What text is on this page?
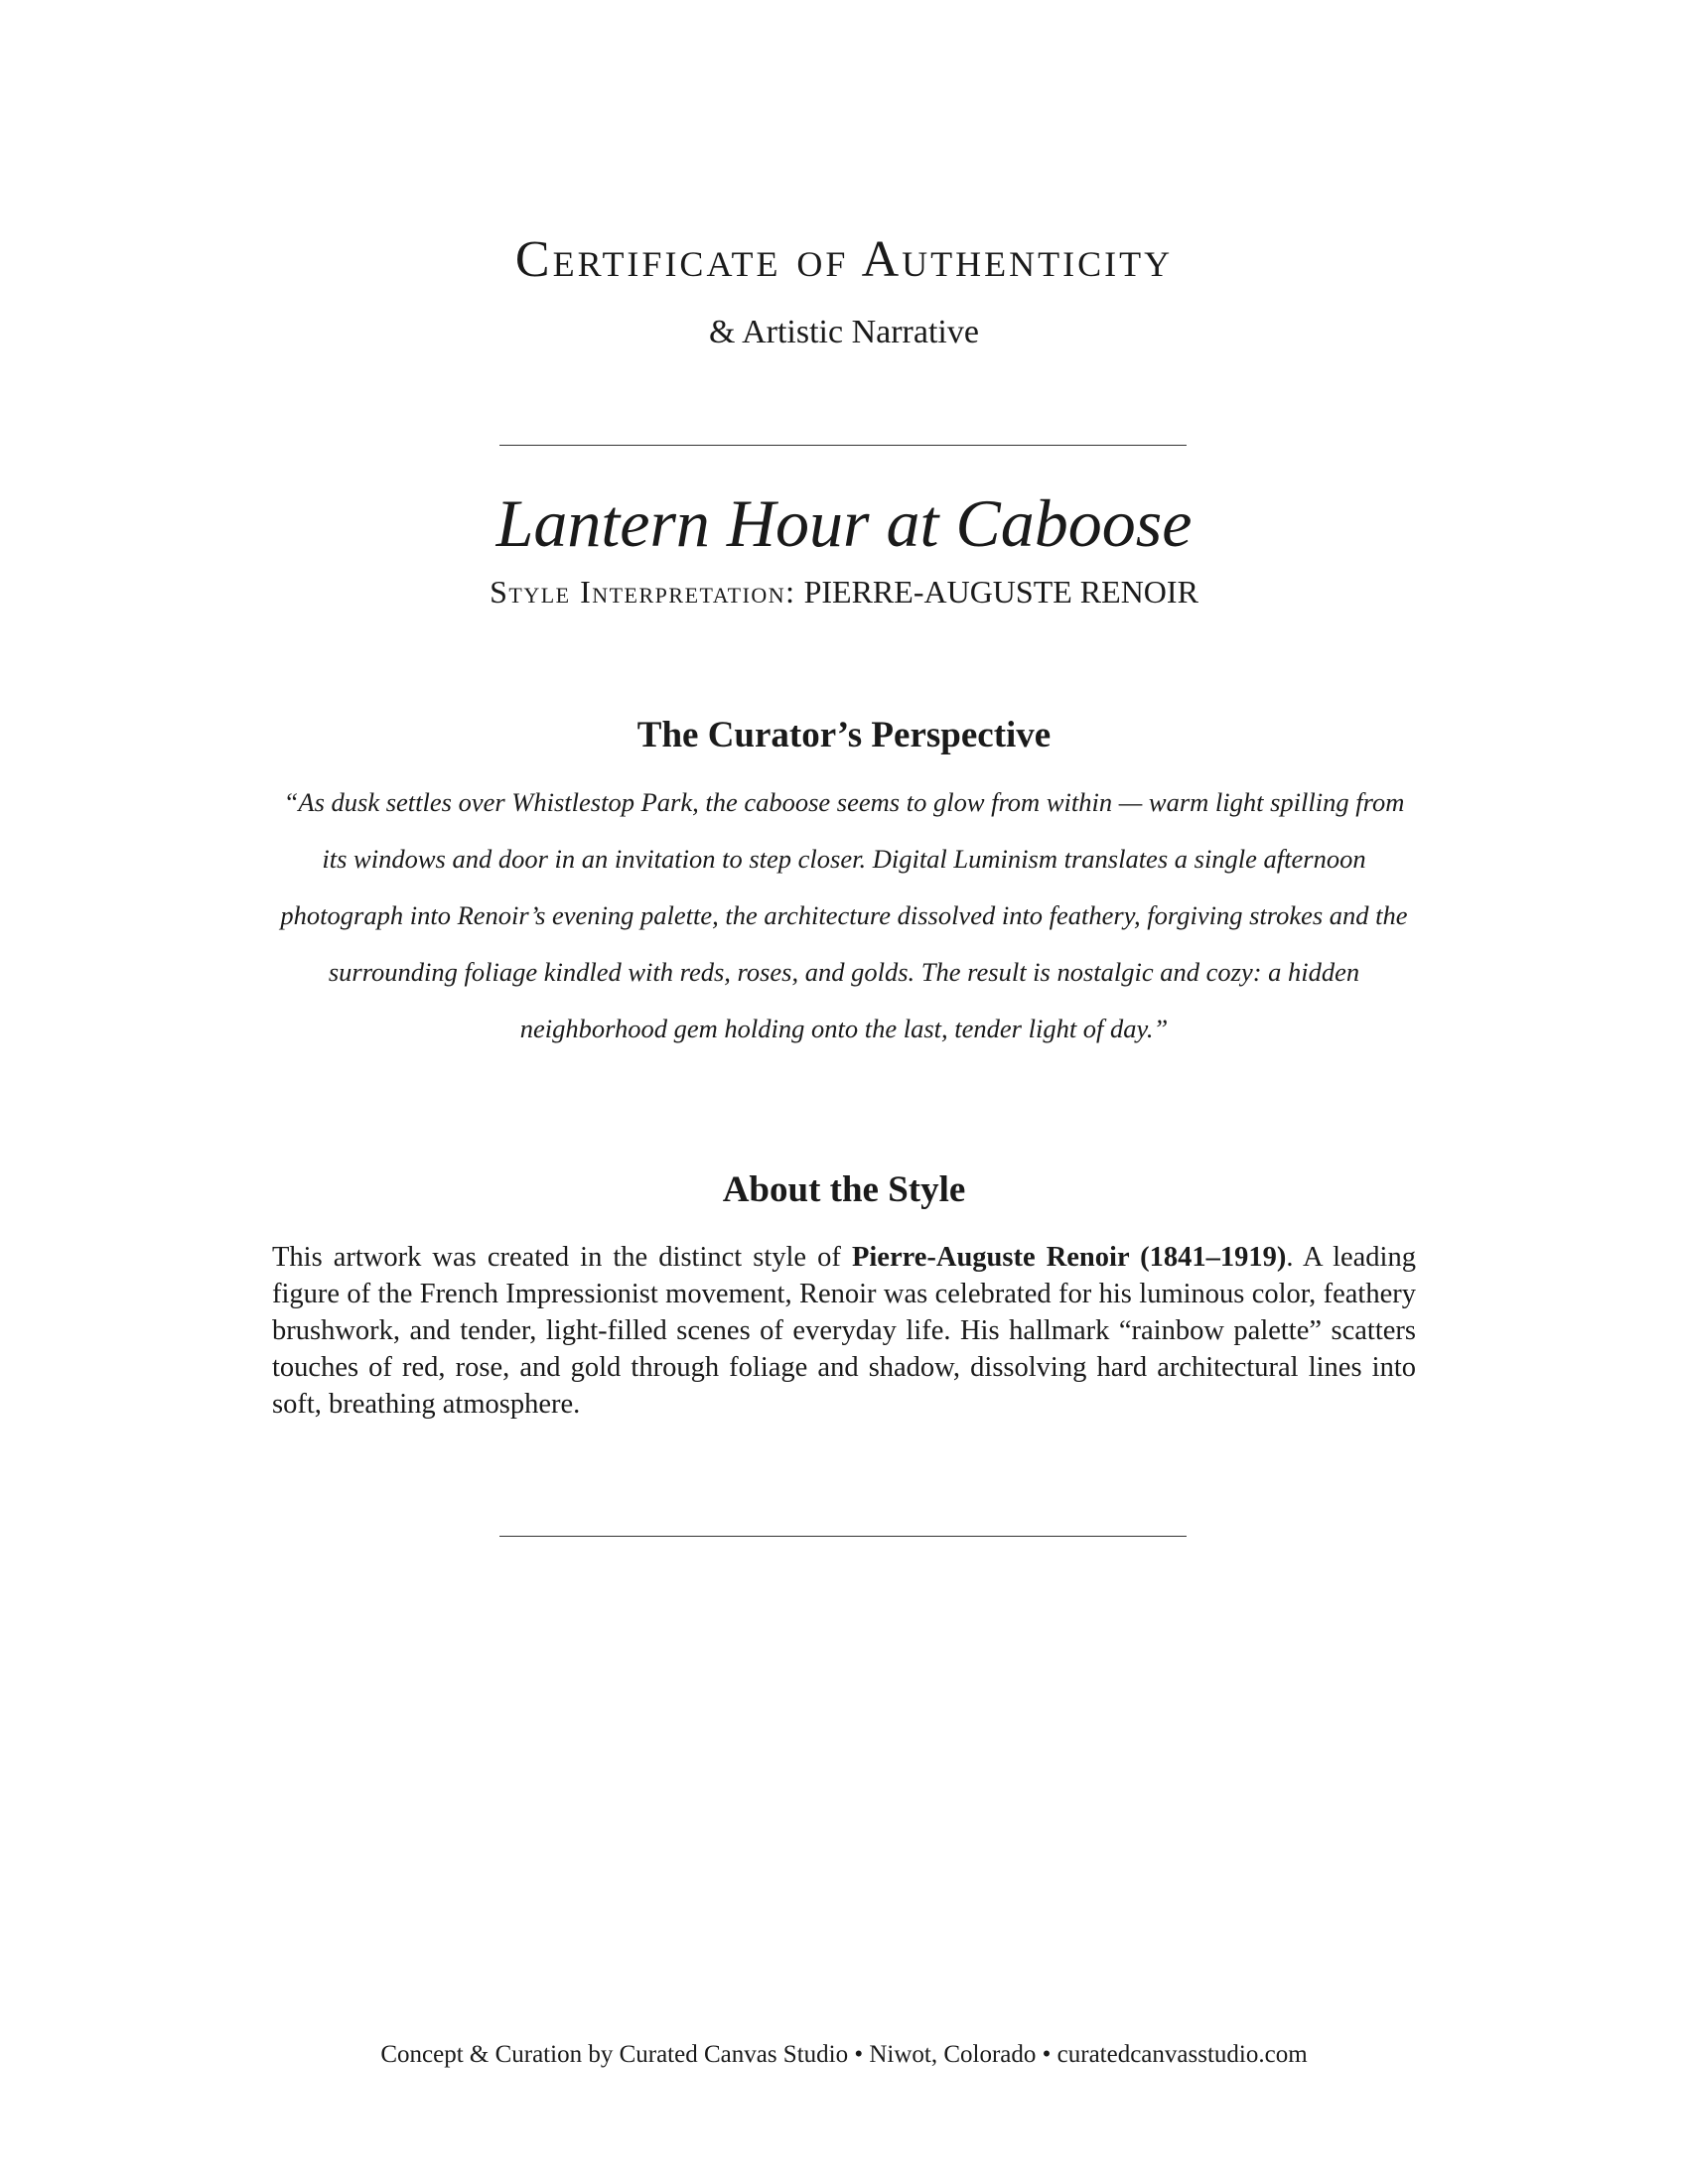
Certificate of Authenticity
& Artistic Narrative
Lantern Hour at Caboose
Style Interpretation: PIERRE-AUGUSTE RENOIR
The Curator’s Perspective
“As dusk settles over Whistlestop Park, the caboose seems to glow from within — warm light spilling from its windows and door in an invitation to step closer. Digital Luminism translates a single afternoon photograph into Renoir’s evening palette, the architecture dissolved into feathery, forgiving strokes and the surrounding foliage kindled with reds, roses, and golds. The result is nostalgic and cozy: a hidden neighborhood gem holding onto the last, tender light of day.”
About the Style
This artwork was created in the distinct style of Pierre-Auguste Renoir (1841–1919). A leading figure of the French Impressionist movement, Renoir was celebrated for his luminous color, feathery brushwork, and tender, light-filled scenes of everyday life. His hallmark “rainbow palette” scatters touches of red, rose, and gold through foliage and shadow, dissolving hard architectural lines into soft, breathing atmosphere.
Concept & Curation by Curated Canvas Studio • Niwot, Colorado • curatedcanvasstudio.com
